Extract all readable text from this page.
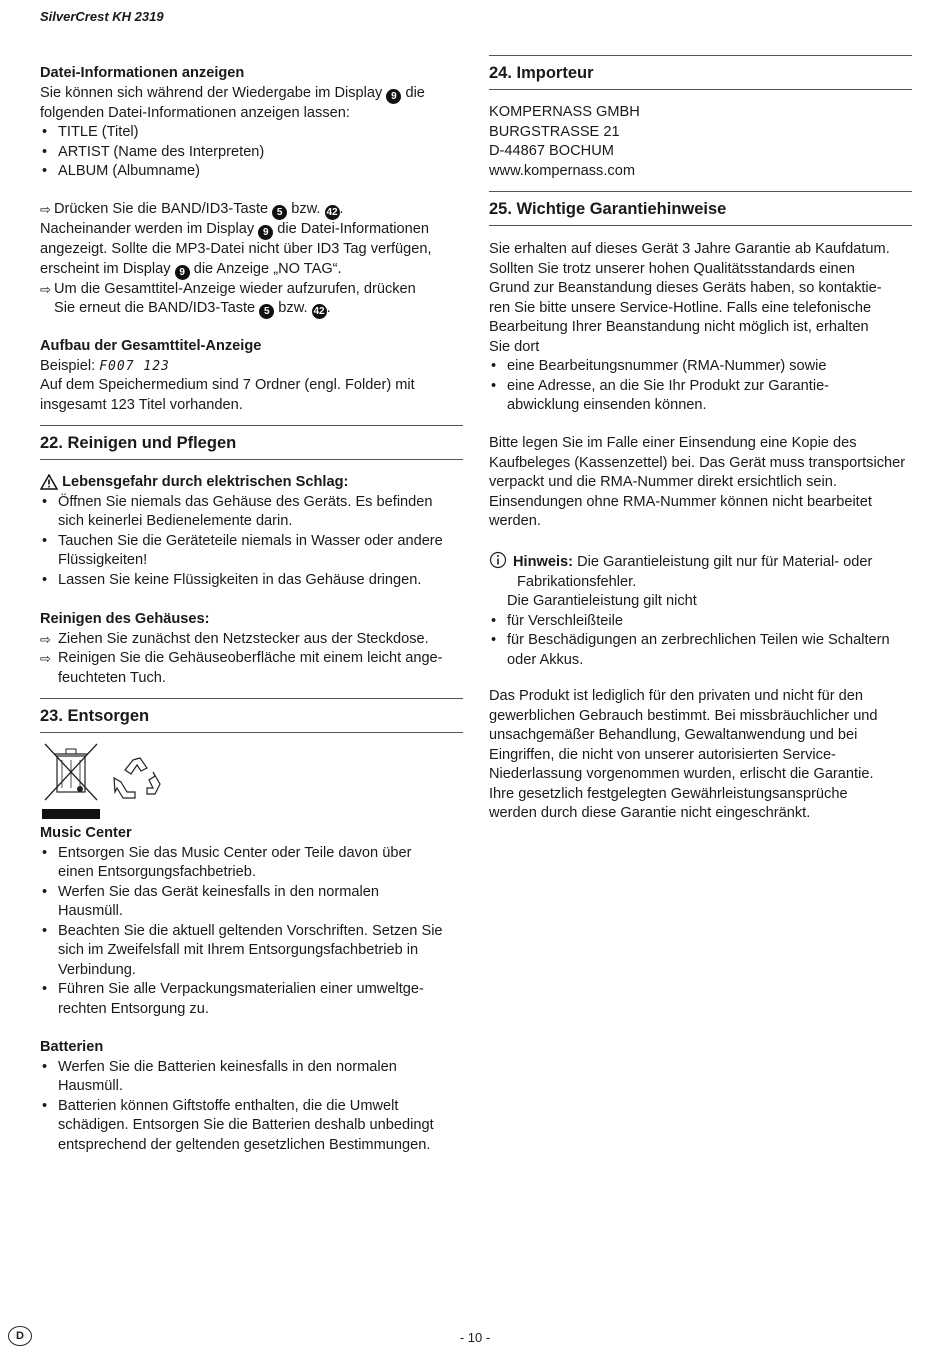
SilverCrest KH 2319

Datei-Informationen anzeigen

Sie können sich während der Wiedergabe im Display 9 die

folgenden Datei-Informationen anzeigen lassen:

• TITLE (Titel)
• ARTIST (Name des Interpreten)
• ALBUM (Albumname)

⇨ Drücken Sie die BAND/ID3-Taste 5 bzw. 42 .

Nacheinander werden im Display 9 die Datei-Informationen

angezeigt. Sollte die MP3-Datei nicht über ID3 Tag verfügen,

erscheint im Display 9 die Anzeige „NO TAG“.

⇨ Um die Gesamttitel-Anzeige wieder aufzurufen, drücken

Sie erneut die BAND/ID3-Taste 5 bzw. 42 .

Aufbau der Gesamttitel-Anzeige

Beispiel: F007 123

Auf dem Speichermedium sind 7 Ordner (engl. Folder) mit

insgesamt 123 Titel vorhanden.

22. Reinigen und Pflegen

Lebensgefahr durch elektrischen Schlag:

• Öffnen Sie niemals das Gehäuse des Geräts. Es befinden
sich keinerlei Bedienelemente darin.
• Tauchen Sie die Geräteteile niemals in Wasser oder andere
Flüssigkeiten!
• Lassen Sie keine Flüssigkeiten in das Gehäuse dringen.

Reinigen des Gehäuses:

⇨ Ziehen Sie zunächst den Netzstecker aus der Steckdose.

⇨ Reinigen Sie die Gehäuseoberfläche mit einem leicht ange-
feuchteten Tuch.

23. Entsorgen

Music Center

• Entsorgen Sie das Music Center oder Teile davon über
einen Entsorgungsfachbetrieb.
• Werfen Sie das Gerät keinesfalls in den normalen
Hausmüll.
• Beachten Sie die aktuell geltenden Vorschriften. Setzen Sie
sich im Zweifelsfall mit Ihrem Entsorgungsfachbetrieb in
Verbindung.
• Führen Sie alle Verpackungsmaterialien einer umweltge-
rechten Entsorgung zu.

Batterien

• Werfen Sie die Batterien keinesfalls in den normalen
Hausmüll.
• Batterien können Giftstoffe enthalten, die die Umwelt
schädigen. Entsorgen Sie die Batterien deshalb unbedingt
entsprechend der geltenden gesetzlichen Bestimmungen.
24. Importeur

KOMPERNASS GMBH

BURGSTRASSE 21

D-44867 BOCHUM

www.kompernass.com

25. Wichtige Garantiehinweise

Sie erhalten auf dieses Gerät 3 Jahre Garantie ab Kaufdatum.

Sollten Sie trotz unserer hohen Qualitätsstandards einen

Grund zur Beanstandung dieses Geräts haben, so kontaktie-

ren Sie bitte unsere Service-Hotline. Falls eine telefonische

Bearbeitung Ihrer Beanstandung nicht möglich ist, erhalten

Sie dort

• eine Bearbeitungsnummer (RMA-Nummer) sowie
• eine Adresse, an die Sie Ihr Produkt zur Garantie-
abwicklung einsenden können.

Bitte legen Sie im Falle einer Einsendung eine Kopie des

Kaufbeleges (Kassenzettel) bei. Das Gerät muss transportsicher

verpackt und die RMA-Nummer direkt ersichtlich sein.

Einsendungen ohne RMA-Nummer können nicht bearbeitet

werden.

Hinweis: Die Garantieleistung gilt nur für Material- oder

Fabrikationsfehler.

Die Garantieleistung gilt nicht

• für Verschleißteile
• für Beschädigungen an zerbrechlichen Teilen wie Schaltern
oder Akkus.

Das Produkt ist lediglich für den privaten und nicht für den

gewerblichen Gebrauch bestimmt. Bei missbräuchlicher und

unsachgemäßer Behandlung, Gewaltanwendung und bei

Eingriffen, die nicht von unserer autorisierten Service-

Niederlassung vorgenommen wurden, erlischt die Garantie.

Ihre gesetzlich festgelegten Gewährleistungsansprüche

werden durch diese Garantie nicht eingeschränkt.

D	- 10 -
